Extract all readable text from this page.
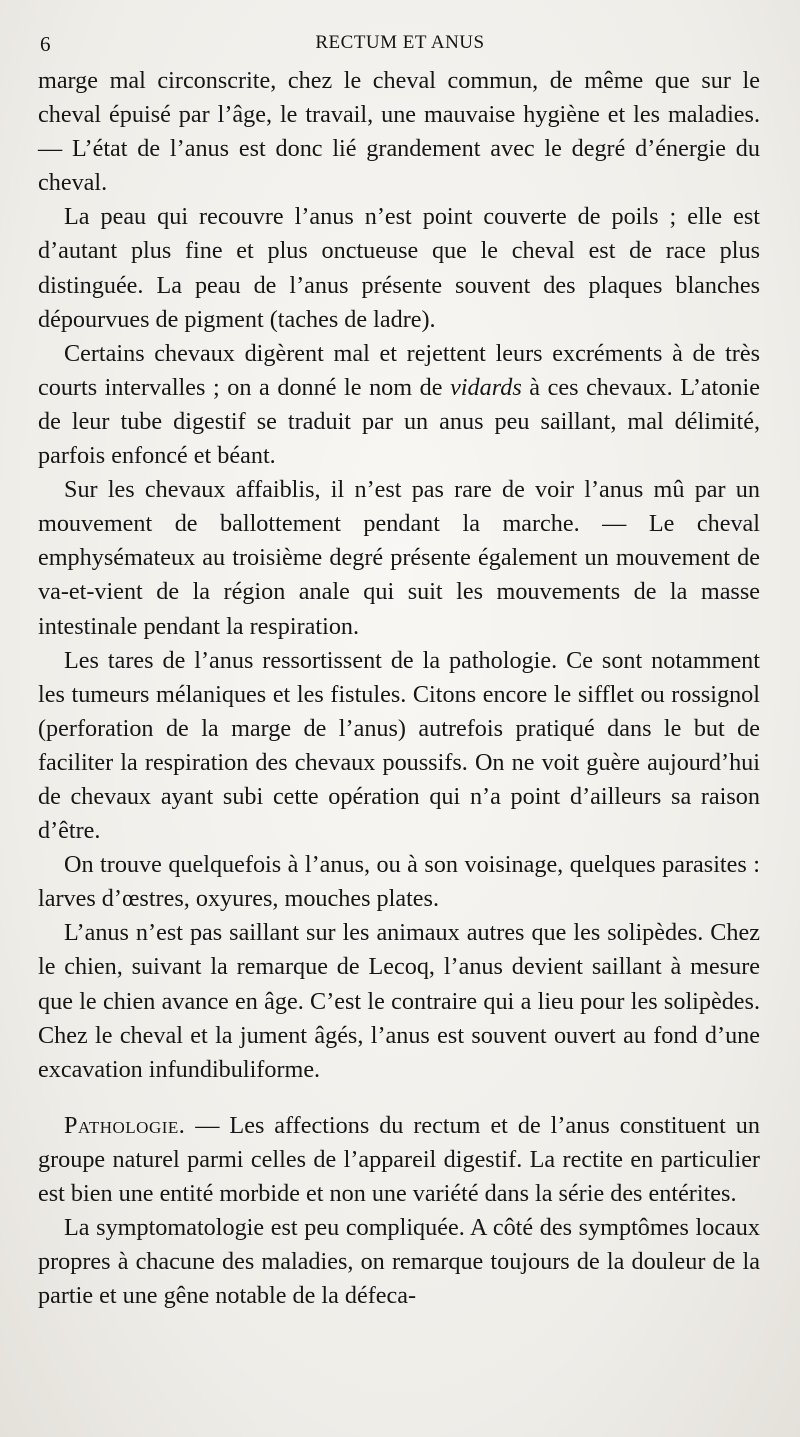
6	RECTUM ET ANUS

marge mal circonscrite, chez le cheval commun, de même que sur le cheval épuisé par l’âge, le travail, une mauvaise hygiène et les maladies. — L’état de l’anus est donc lié grandement avec le degré d’énergie du cheval.

La peau qui recouvre l’anus n’est point couverte de poils ; elle est d’autant plus fine et plus onctueuse que le cheval est de race plus distinguée. La peau de l’anus présente souvent des plaques blanches dépourvues de pigment (taches de ladre).

Certains chevaux digèrent mal et rejettent leurs excréments à de très courts intervalles ; on a donné le nom de vidards à ces chevaux. L’atonie de leur tube digestif se traduit par un anus peu saillant, mal délimité, parfois enfoncé et béant.

Sur les chevaux affaiblis, il n’est pas rare de voir l’anus mû par un mouvement de ballottement pendant la marche. — Le cheval emphysémateux au troisième degré présente également un mouvement de va-et-vient de la région anale qui suit les mouvements de la masse intestinale pendant la respiration.

Les tares de l’anus ressortissent de la pathologie. Ce sont notamment les tumeurs mélaniques et les fistules. Citons encore le sifflet ou rossignol (perforation de la marge de l’anus) autrefois pratiqué dans le but de faciliter la respiration des chevaux poussifs. On ne voit guère aujourd’hui de chevaux ayant subi cette opération qui n’a point d’ailleurs sa raison d’être.

On trouve quelquefois à l’anus, ou à son voisinage, quelques parasites : larves d’œstres, oxyures, mouches plates.

L’anus n’est pas saillant sur les animaux autres que les solipèdes. Chez le chien, suivant la remarque de Lecoq, l’anus devient saillant à mesure que le chien avance en âge. C’est le contraire qui a lieu pour les solipèdes. Chez le cheval et la jument âgés, l’anus est souvent ouvert au fond d’une excavation infundibuliforme.

Pathologie. — Les affections du rectum et de l’anus constituent un groupe naturel parmi celles de l’appareil digestif. La rectite en particulier est bien une entité morbide et non une variété dans la série des entérites.

La symptomatologie est peu compliquée. A côté des symptômes locaux propres à chacune des maladies, on remarque toujours de la douleur de la partie et une gêne notable de la défeca-
